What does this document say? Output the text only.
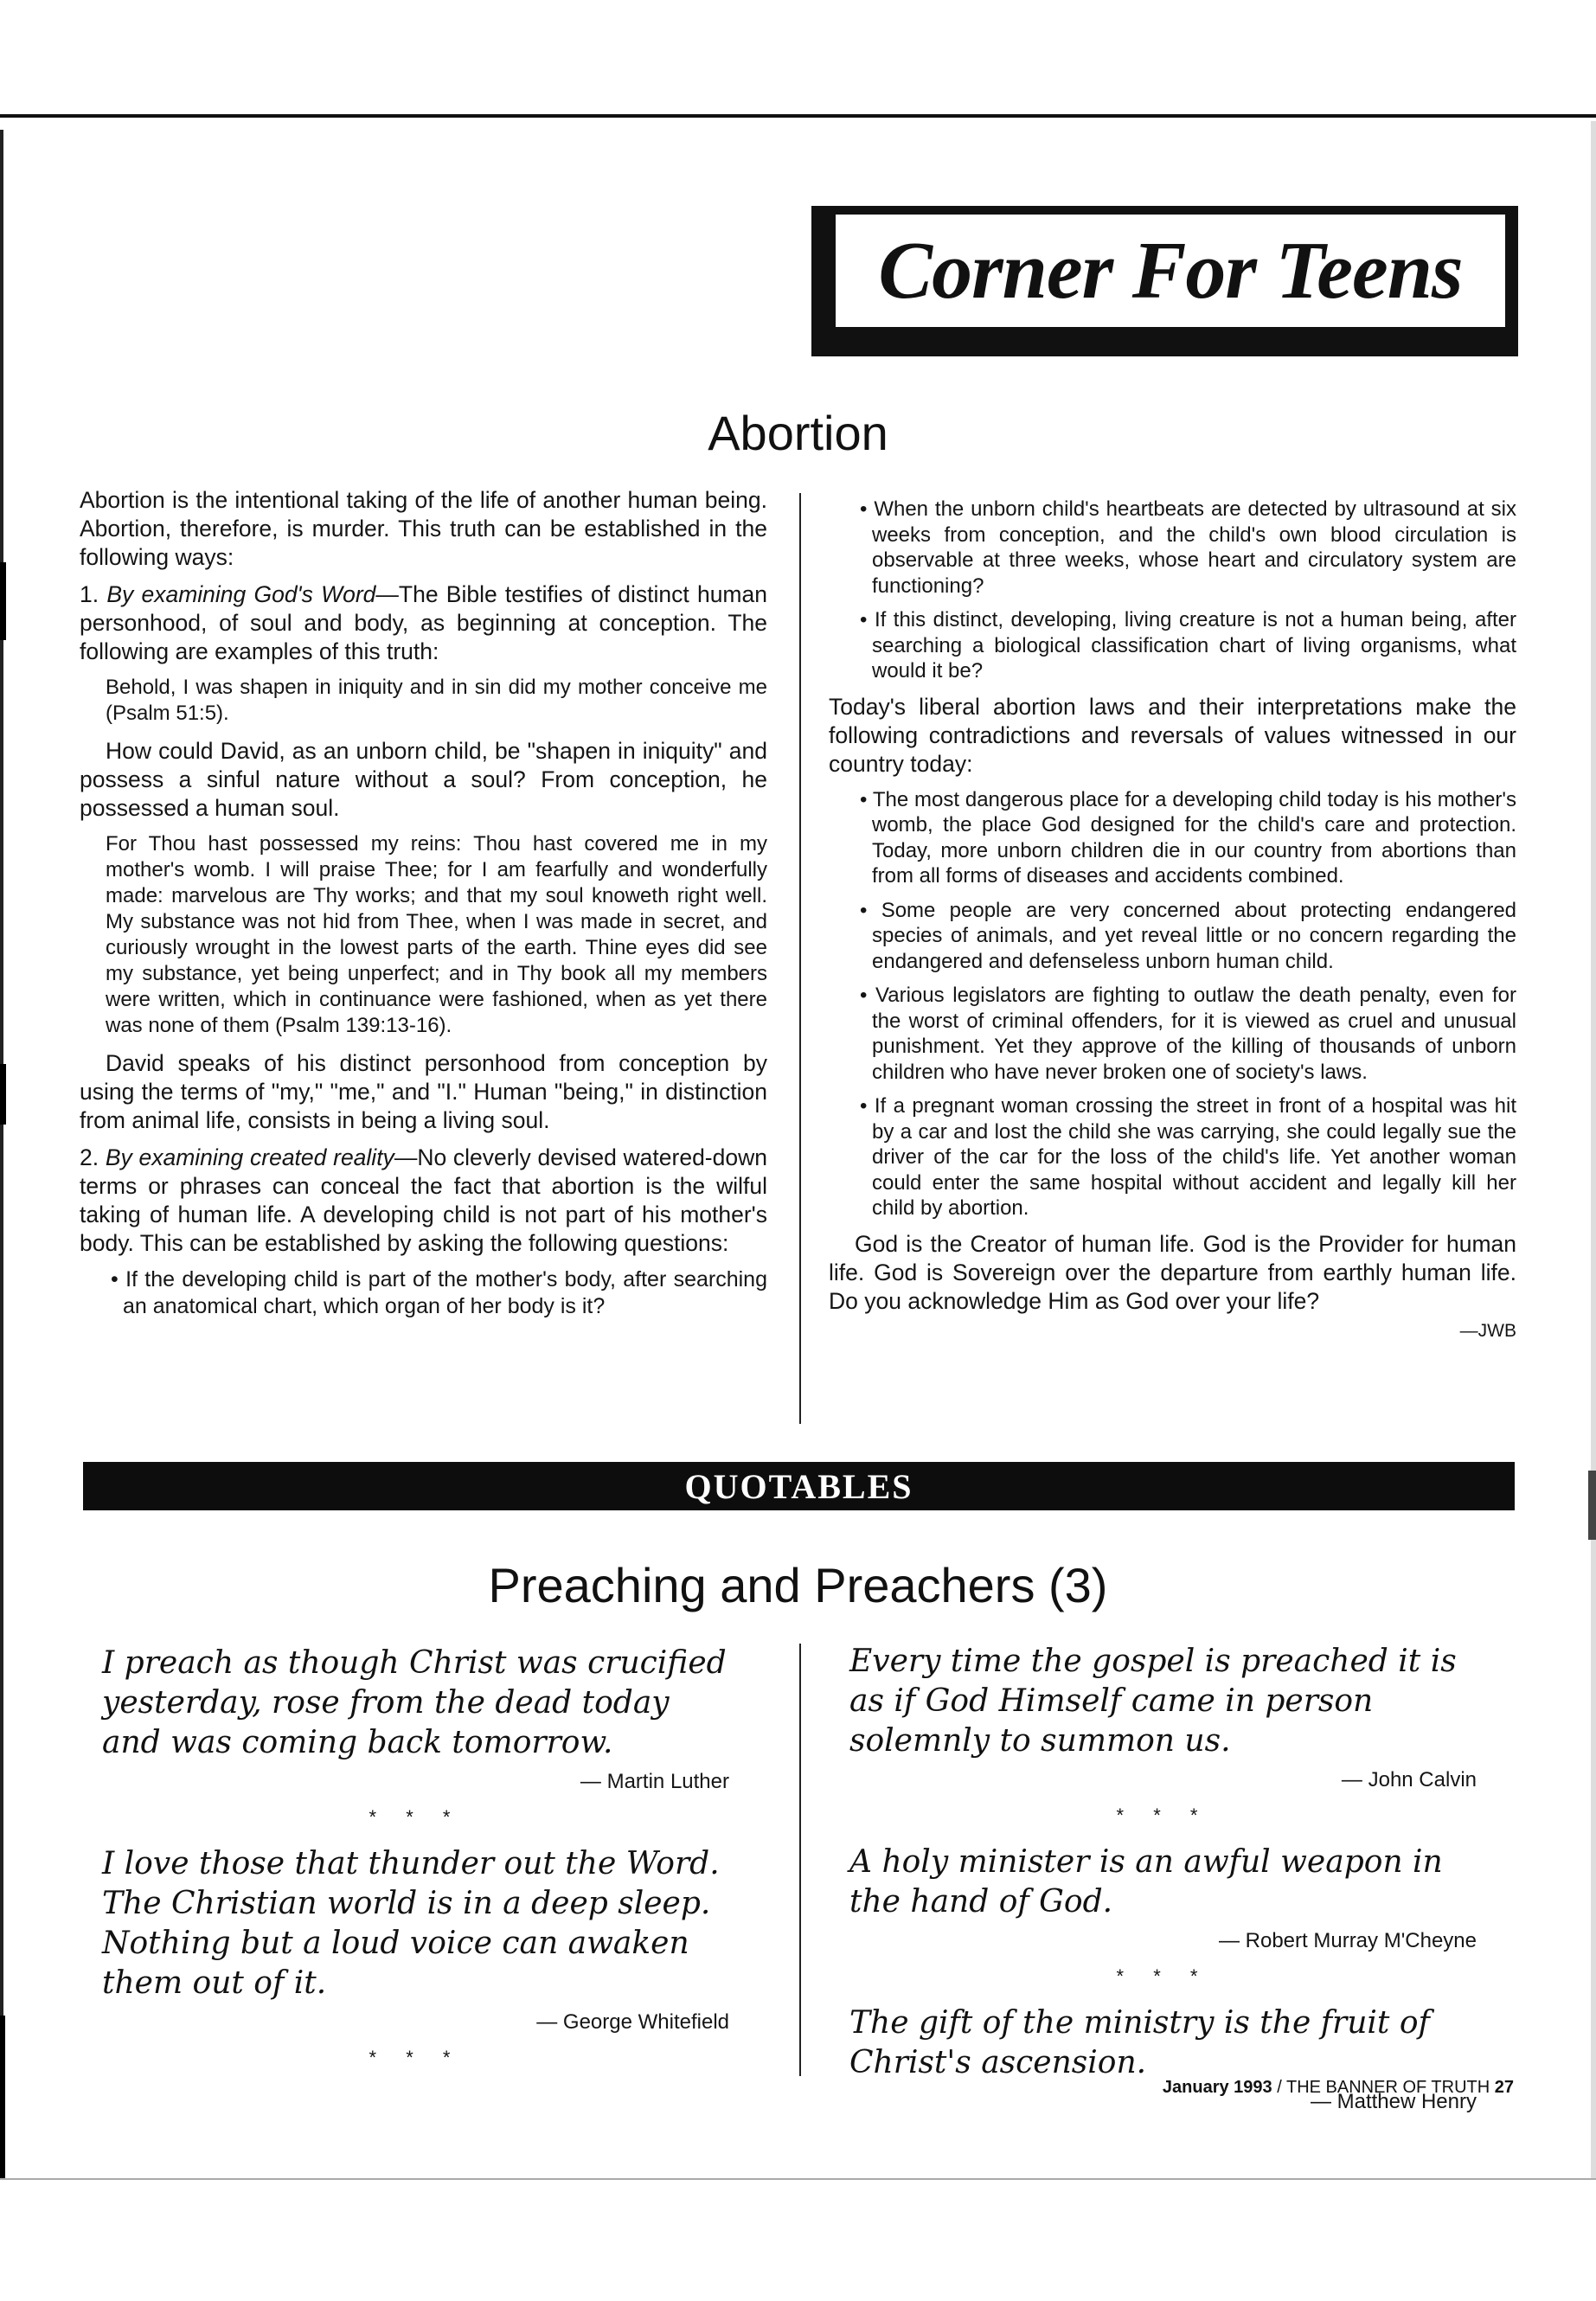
Corner For Teens
Abortion

Abortion is the intentional taking of the life of another human being. Abortion, therefore, is murder. This truth can be established in the following ways:

1. By examining God's Word—The Bible testifies of distinct human personhood, of soul and body, as beginning at conception. The following are examples of this truth:

Behold, I was shapen in iniquity and in sin did my mother conceive me (Psalm 51:5).

How could David, as an unborn child, be "shapen in iniquity" and possess a sinful nature without a soul? From conception, he possessed a human soul.

For Thou hast possessed my reins: Thou hast covered me in my mother's womb. I will praise Thee; for I am fearfully and wonderfully made: marvelous are Thy works; and that my soul knoweth right well. My substance was not hid from Thee, when I was made in secret, and curiously wrought in the lowest parts of the earth. Thine eyes did see my substance, yet being unperfect; and in Thy book all my members were written, which in continuance were fashioned, when as yet there was none of them (Psalm 139:13-16).

David speaks of his distinct personhood from conception by using the terms of "my," "me," and "I." Human "being," in distinction from animal life, consists in being a living soul.

2. By examining created reality—No cleverly devised watered-down terms or phrases can conceal the fact that abortion is the wilful taking of human life. A developing child is not part of his mother's body. This can be established by asking the following questions:

• If the developing child is part of the mother's body, after searching an anatomical chart, which organ of her body is it?

• When the unborn child's heartbeats are detected by ultrasound at six weeks from conception, and the child's own blood circulation is observable at three weeks, whose heart and circulatory system are functioning?

• If this distinct, developing, living creature is not a human being, after searching a biological classification chart of living organisms, what would it be?

Today's liberal abortion laws and their interpretations make the following contradictions and reversals of values witnessed in our country today:

• The most dangerous place for a developing child today is his mother's womb, the place God designed for the child's care and protection. Today, more unborn children die in our country from abortions than from all forms of diseases and accidents combined.

• Some people are very concerned about protecting endangered species of animals, and yet reveal little or no concern regarding the endangered and defenseless unborn human child.

• Various legislators are fighting to outlaw the death penalty, even for the worst of criminal offenders, for it is viewed as cruel and unusual punishment. Yet they approve of the killing of thousands of unborn children who have never broken one of society's laws.

• If a pregnant woman crossing the street in front of a hospital was hit by a car and lost the child she was carrying, she could legally sue the driver of the car for the loss of the child's life. Yet another woman could enter the same hospital without accident and legally kill her child by abortion.

God is the Creator of human life. God is the Provider for human life. God is Sovereign over the departure from earthly human life. Do you acknowledge Him as God over your life?

—JWB
QUOTABLES
Preaching and Preachers (3)

I preach as though Christ was crucified yesterday, rose from the dead today and was coming back tomorrow.

— Martin Luther

* * *

I love those that thunder out the Word. The Christian world is in a deep sleep. Nothing but a loud voice can awaken them out of it.

— George Whitefield

* * *

Every time the gospel is preached it is as if God Himself came in person solemnly to summon us.

— John Calvin

* * *

A holy minister is an awful weapon in the hand of God.

— Robert Murray M'Cheyne

* * *

The gift of the ministry is the fruit of Christ's ascension.

— Matthew Henry

January 1993 / THE BANNER OF TRUTH 27
